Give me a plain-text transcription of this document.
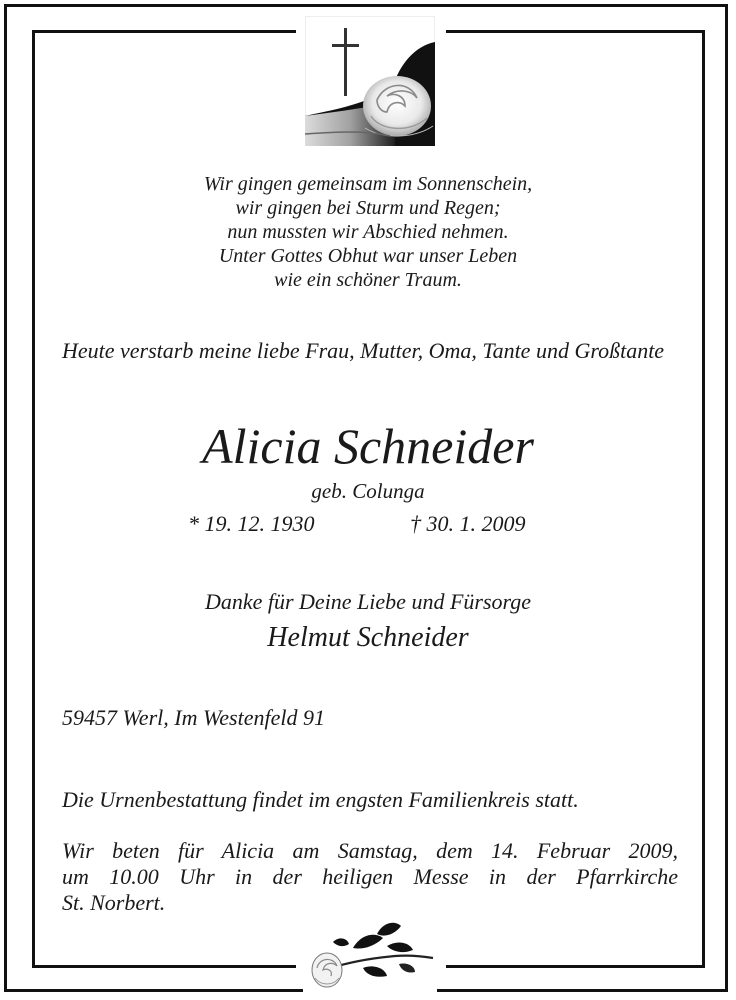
Wir gingen gemeinsam im Sonnenschein,
wir gingen bei Sturm und Regen;
nun mussten wir Abschied nehmen.
Unter Gottes Obhut war unser Leben
wie ein schöner Traum.
Heute verstarb meine liebe Frau, Mutter, Oma, Tante und Großtante
Alicia Schneider
geb. Colunga
* 19. 12. 1930	† 30. 1. 2009
Danke für Deine Liebe und Fürsorge
Helmut Schneider
59457 Werl, Im Westenfeld 91
Die Urnenbestattung findet im engsten Familienkreis statt.
Wir beten für Alicia am Samstag, dem 14. Februar 2009,
um 10.00 Uhr in der heiligen Messe in der Pfarrkirche
St. Norbert.
